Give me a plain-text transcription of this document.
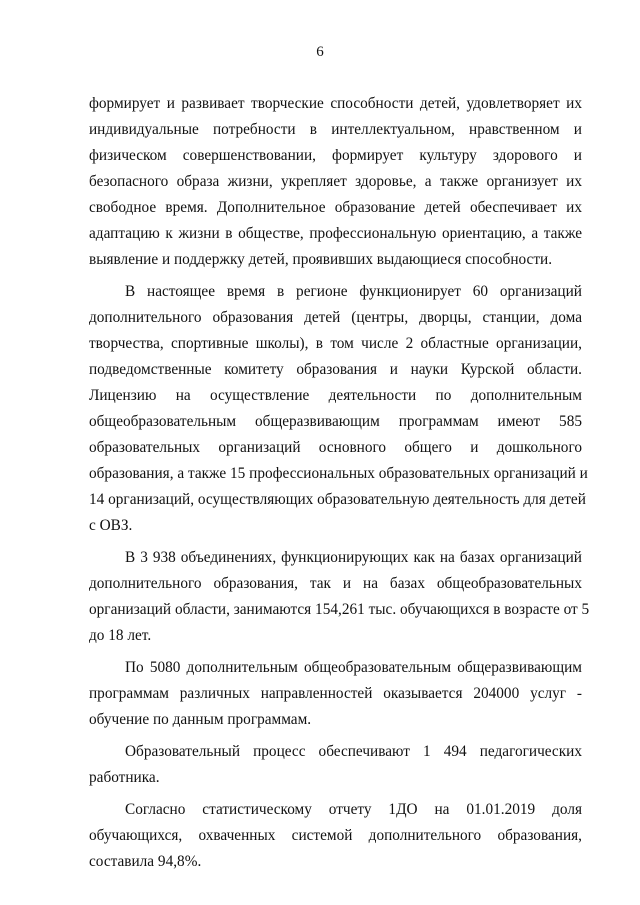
6

формирует и развивает творческие способности детей, удовлетворяет их
индивидуальные потребности в интеллектуальном, нравственном и
физическом совершенствовании, формирует культуру здорового и
безопасного образа жизни, укрепляет здоровье, а также организует их
свободное время. Дополнительное образование детей обеспечивает их
адаптацию к жизни в обществе, профессиональную ориентацию, а также
выявление и поддержку детей, проявивших выдающиеся способности.

В настоящее время в регионе функционирует 60 организаций
дополнительного образования детей (центры, дворцы, станции, дома
творчества, спортивные школы), в том числе 2 областные организации,
подведомственные комитету образования и науки Курской области.
Лицензию на осуществление деятельности по дополнительным
общеобразовательным общеразвивающим программам имеют 585
образовательных организаций основного общего и дошкольного
образования, а также 15 профессиональных образовательных организаций и
14 организаций, осуществляющих образовательную деятельность для детей
с ОВЗ.

В 3 938 объединениях, функционирующих как на базах организаций
дополнительного образования, так и на базах общеобразовательных
организаций области, занимаются 154,261 тыс. обучающихся в возрасте от 5
до 18 лет.

По 5080 дополнительным общеобразовательным общеразвивающим
программам различных направленностей оказывается 204000 услуг -
обучение по данным программам.

Образовательный процесс обеспечивают 1 494 педагогических
работника.

Согласно статистическому отчету 1ДО на 01.01.2019 доля
обучающихся, охваченных системой дополнительного образования,
составила 94,8%.
